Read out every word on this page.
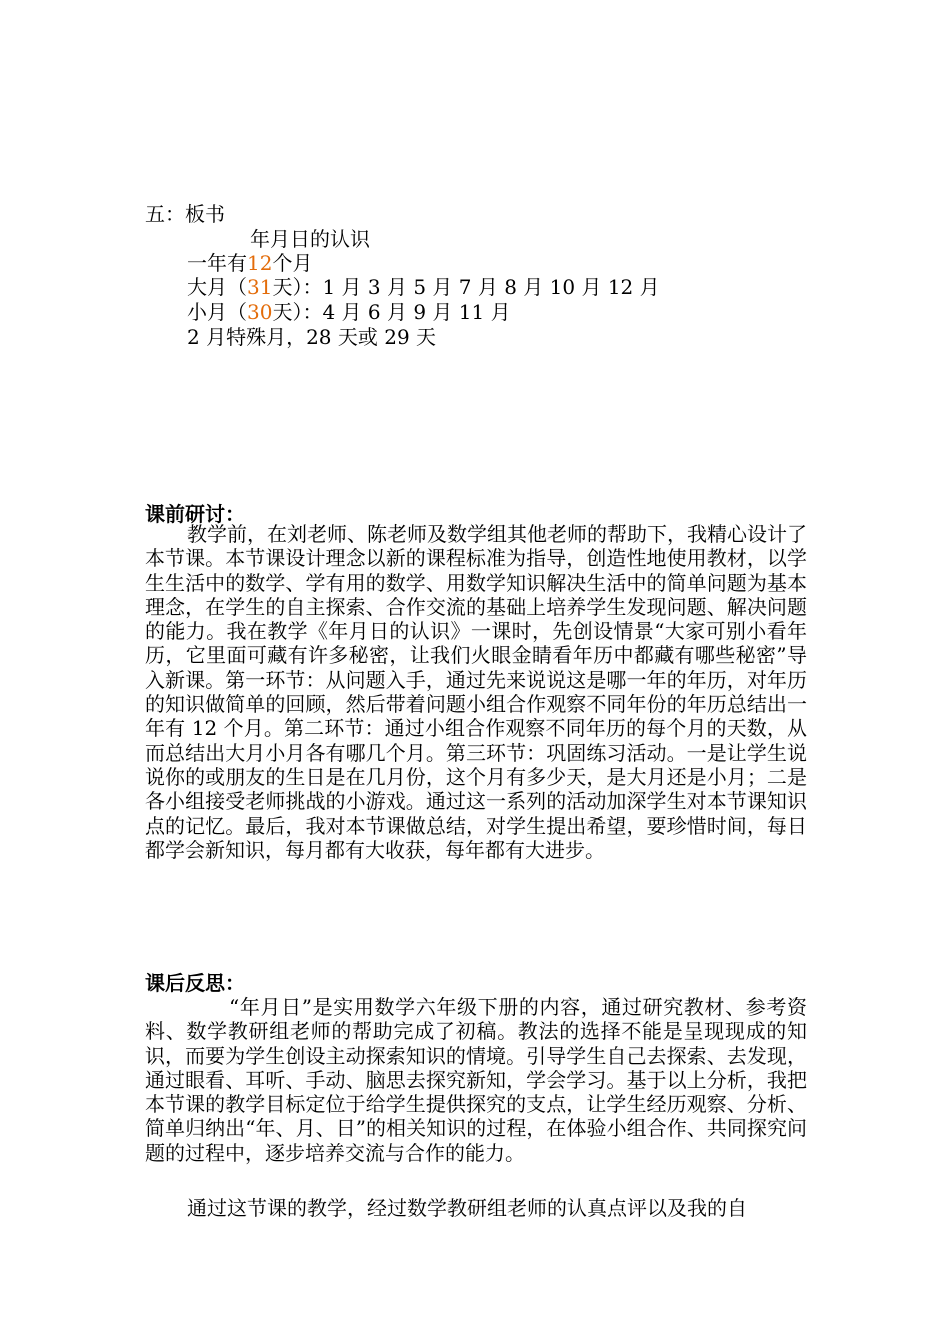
五：板书
年月日的认识
一年有12个月
大月（31天）：1 月 3 月 5 月 7 月 8 月 10 月 12 月
小月（30天）：4 月 6 月 9 月 11 月
2 月特殊月，28 天或 29 天
课前研讨：
教学前，在刘老师、陈老师及数学组其他老师的帮助下，我精心设计了本节课。本节课设计理念以新的课程标准为指导，创造性地使用教材，以学生生活中的数学、学有用的数学、用数学知识解决生活中的简单问题为基本理念，在学生的自主探索、合作交流的基础上培养学生发现问题、解决问题的能力。我在教学《年月日的认识》一课时，先创设情景“大家可别小看年历，它里面可藏有许多秘密，让我们火眼金睛看年历中都藏有哪些秘密”导入新课。第一环节：从问题入手，通过先来说说这是哪一年的年历，对年历的知识做简单的回顾，然后带着问题小组合作观察不同年份的年历总结出一年有 12 个月。第二环节：通过小组合作观察不同年历的每个月的天数，从而总结出大月小月各有哪几个月。第三环节：巩固练习活动。一是让学生说说你的或朋友的生日是在几月份，这个月有多少天，是大月还是小月；二是各小组接受老师挑战的小游戏。通过这一系列的活动加深学生对本节课知识点的记忆。最后，我对本节课做总结，对学生提出希望，要珍惜时间，每日都学会新知识，每月都有大收获，每年都有大进步。
课后反思：
“年月日”是实用数学六年级下册的内容，通过研究教材、参考资料、数学教研组老师的帮助完成了初稿。教法的选择不能是呈现现成的知识，而要为学生创设主动探索知识的情境。引导学生自己去探索、去发现，通过眼看、耳听、手动、脑思去探究新知，学会学习。基于以上分析，我把本节课的教学目标定位于给学生提供探究的支点，让学生经历观察、分析、简单归纳出“年、月、日”的相关知识的过程，在体验小组合作、共同探究问题的过程中，逐步培养交流与合作的能力。
通过这节课的教学，经过数学教研组老师的认真点评以及我的自
